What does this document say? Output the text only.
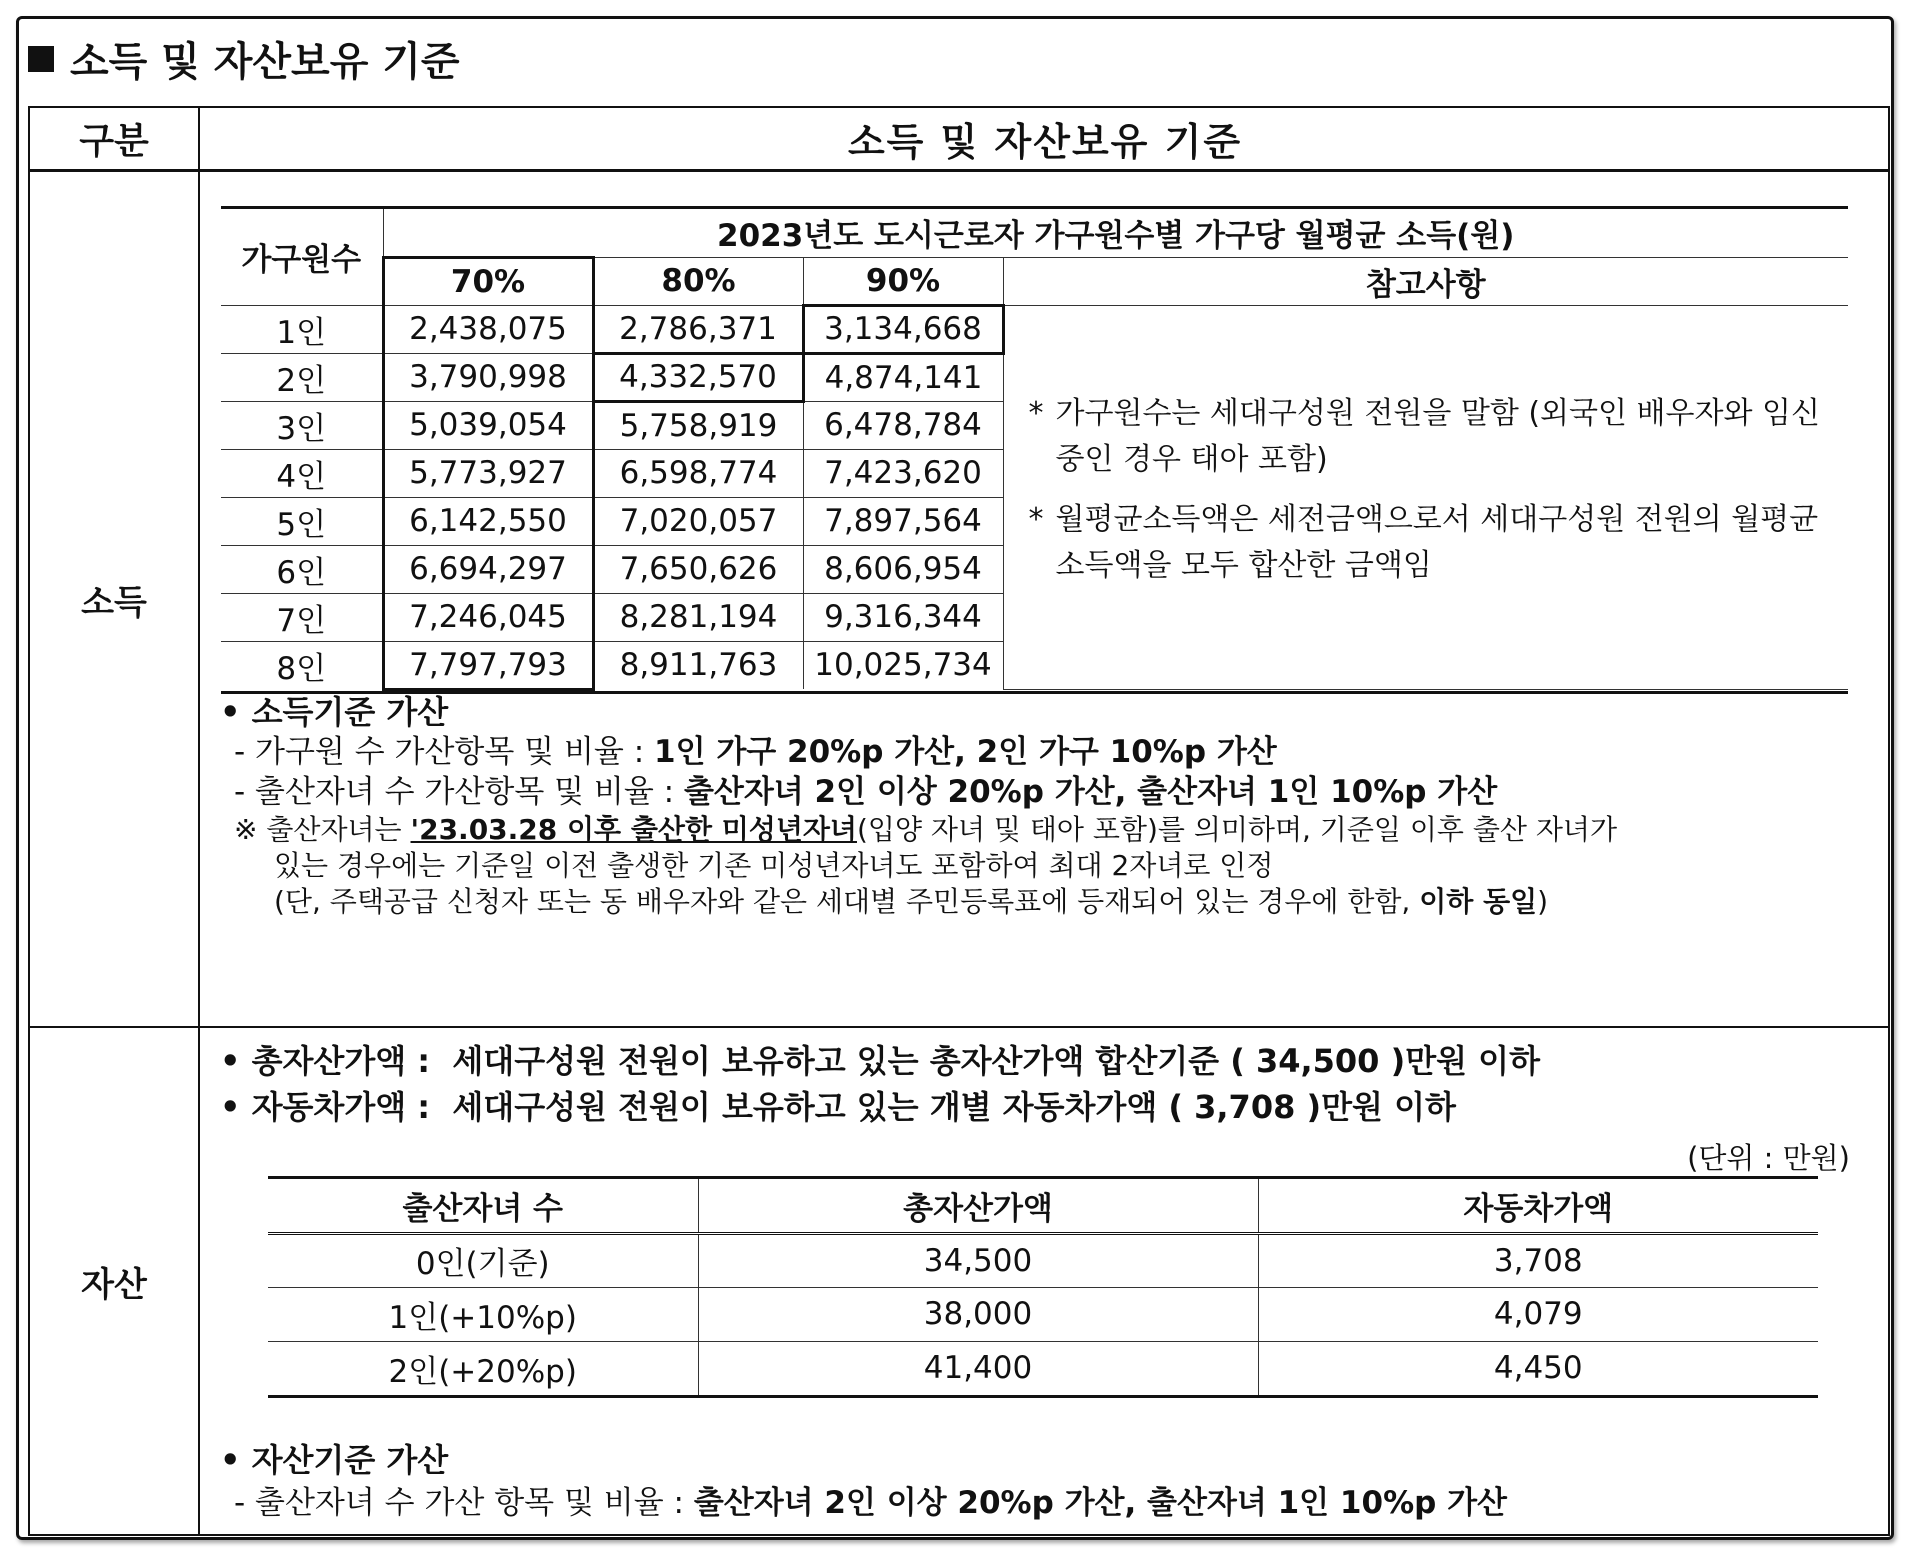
소득 및 자산보유 기준
구분	소득 및 자산보유 기준
소득
가구원수	2023년도 도시근로자 가구원수별 가구당 월평균 소득(원)			
	70%	80%	90%	참고사항
1인	2,438,075	2,786,371	3,134,668	* 가구원수는 세대구성원 전원을 말함 (외국인 배우자와 임신중인 경우 태아 포함)

* 월평균소득액은 세전금액으로서 세대구성원 전원의 월평균소득액을 모두 합산한 금액임

2인	3,790,998	4,332,570	4,874,141	
3인	5,039,054	5,758,919	6,478,784	
4인	5,773,927	6,598,774	7,423,620	
5인	6,142,550	7,020,057	7,897,564	
6인	6,694,297	7,650,626	8,606,954	
7인	7,246,045	8,281,194	9,316,344	
8인	7,797,793	8,911,763	10,025,734	
• 소득기준 가산
- 가구원 수 가산항목 및 비율 : 1인 가구 20%p 가산, 2인 가구 10%p 가산
- 출산자녀 수 가산항목 및 비율 : 출산자녀 2인 이상 20%p 가산, 출산자녀 1인 10%p 가산
※ 출산자녀는 '23.03.28 이후 출산한 미성년자녀(입양 자녀 및 태아 포함)를 의미하며, 기준일 이후 출산 자녀가
있는 경우에는 기준일 이전 출생한 기존 미성년자녀도 포함하여 최대 2자녀로 인정
(단, 주택공급 신청자 또는 동 배우자와 같은 세대별 주민등록표에 등재되어 있는 경우에 한함, 이하 동일)
자산
• 총자산가액 : 세대구성원 전원이 보유하고 있는 총자산가액 합산기준 ( 34,500 )만원 이하
• 자동차가액 : 세대구성원 전원이 보유하고 있는 개별 자동차가액 ( 3,708 )만원 이하
(단위 : 만원)
출산자녀 수	총자산가액	자동차가액
0인(기준)	34,500	3,708
1인(+10%p)	38,000	4,079
2인(+20%p)	41,400	4,450
• 자산기준 가산
- 출산자녀 수 가산 항목 및 비율 : 출산자녀 2인 이상 20%p 가산, 출산자녀 1인 10%p 가산
